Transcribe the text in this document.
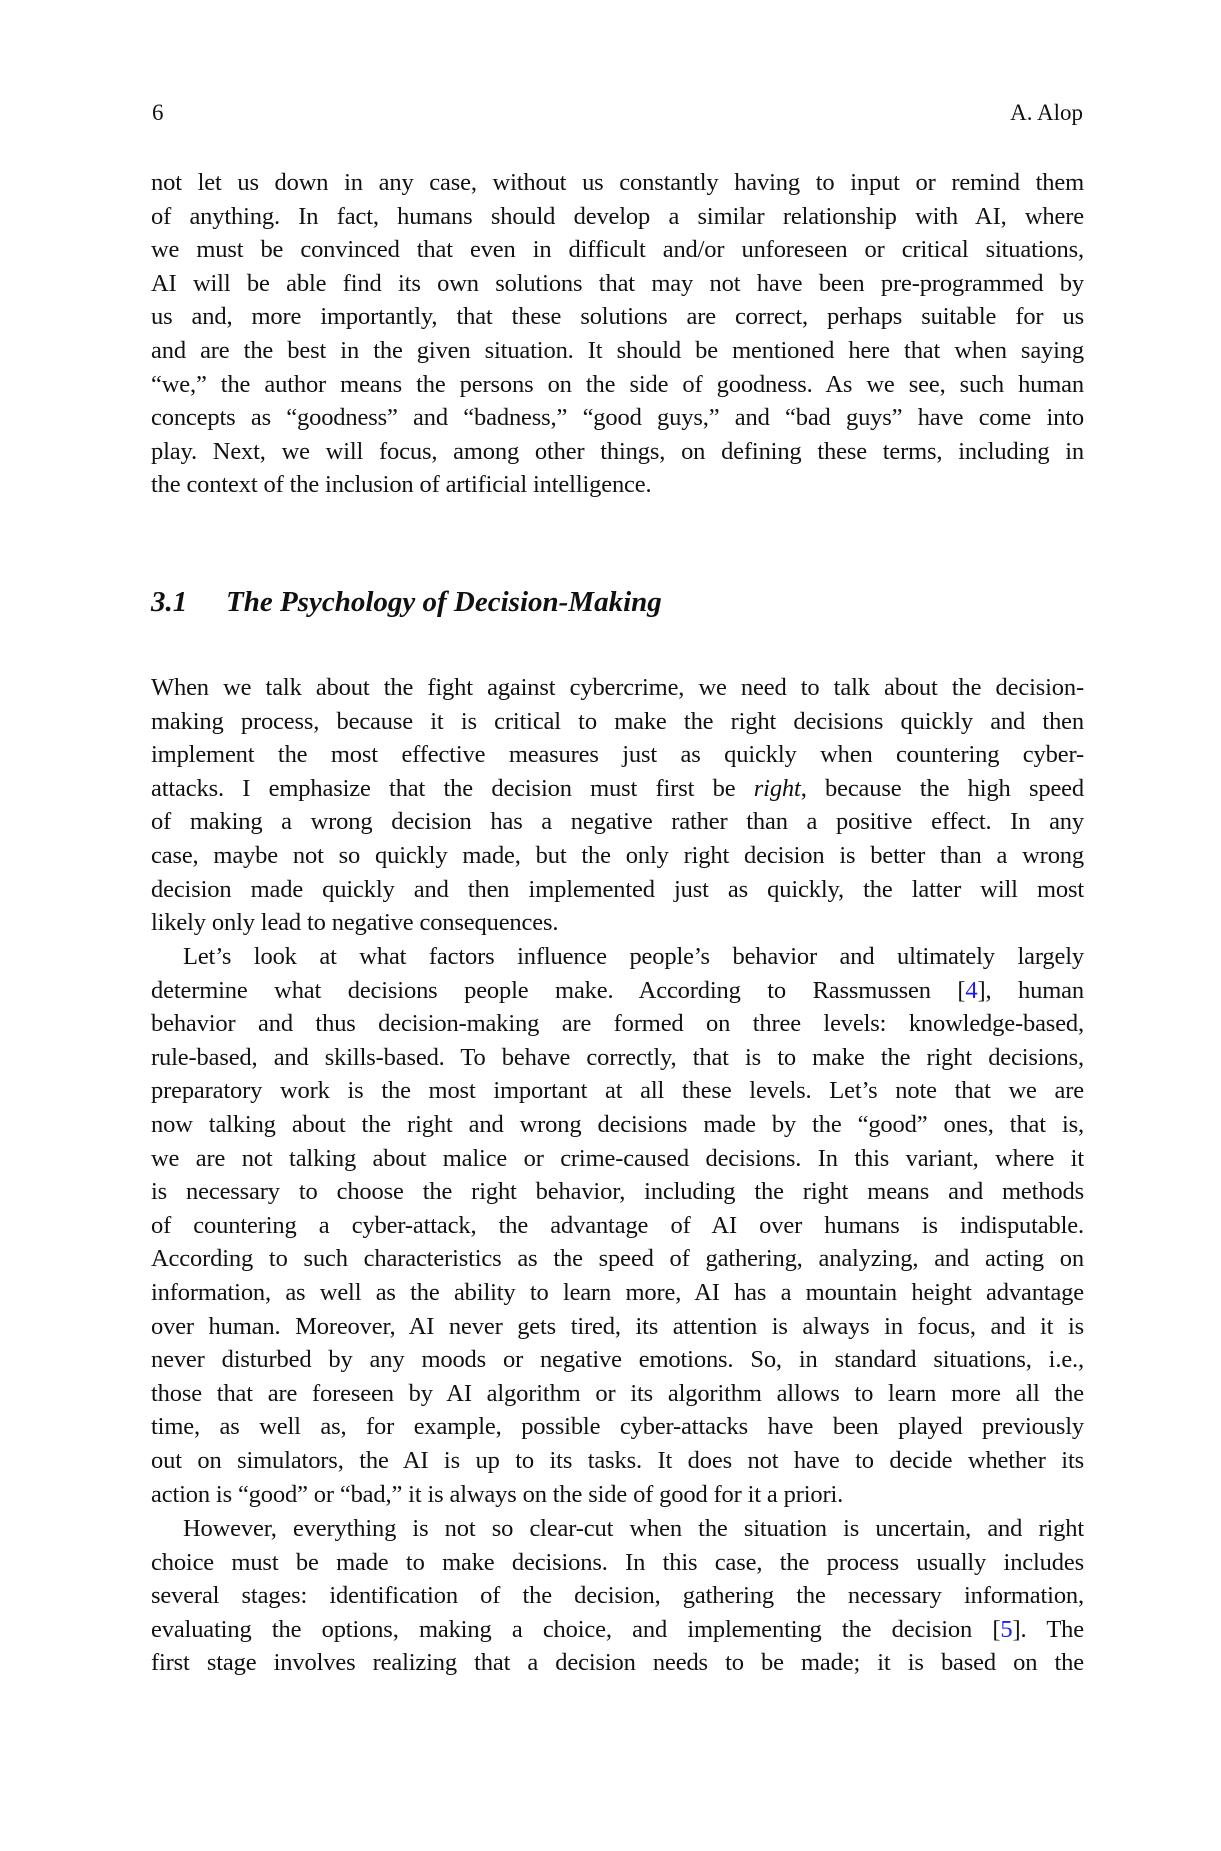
6	A. Alop
not let us down in any case, without us constantly having to input or remind them
of anything. In fact, humans should develop a similar relationship with AI, where
we must be convinced that even in difficult and/or unforeseen or critical situations,
AI will be able find its own solutions that may not have been pre-programmed by
us and, more importantly, that these solutions are correct, perhaps suitable for us
and are the best in the given situation. It should be mentioned here that when saying
“we,” the author means the persons on the side of goodness. As we see, such human
concepts as “goodness” and “badness,” “good guys,” and “bad guys” have come into
play. Next, we will focus, among other things, on defining these terms, including in
the context of the inclusion of artificial intelligence.
3.1 The Psychology of Decision-Making
When we talk about the fight against cybercrime, we need to talk about the decision-
making process, because it is critical to make the right decisions quickly and then
implement the most effective measures just as quickly when countering cyber-
attacks. I emphasize that the decision must first be right, because the high speed
of making a wrong decision has a negative rather than a positive effect. In any
case, maybe not so quickly made, but the only right decision is better than a wrong
decision made quickly and then implemented just as quickly, the latter will most
likely only lead to negative consequences.
Let’s look at what factors influence people’s behavior and ultimately largely
determine what decisions people make. According to Rassmussen [4], human
behavior and thus decision-making are formed on three levels: knowledge-based,
rule-based, and skills-based. To behave correctly, that is to make the right decisions,
preparatory work is the most important at all these levels. Let’s note that we are
now talking about the right and wrong decisions made by the “good” ones, that is,
we are not talking about malice or crime-caused decisions. In this variant, where it
is necessary to choose the right behavior, including the right means and methods
of countering a cyber-attack, the advantage of AI over humans is indisputable.
According to such characteristics as the speed of gathering, analyzing, and acting on
information, as well as the ability to learn more, AI has a mountain height advantage
over human. Moreover, AI never gets tired, its attention is always in focus, and it is
never disturbed by any moods or negative emotions. So, in standard situations, i.e.,
those that are foreseen by AI algorithm or its algorithm allows to learn more all the
time, as well as, for example, possible cyber-attacks have been played previously
out on simulators, the AI is up to its tasks. It does not have to decide whether its
action is “good” or “bad,” it is always on the side of good for it a priori.
However, everything is not so clear-cut when the situation is uncertain, and right
choice must be made to make decisions. In this case, the process usually includes
several stages: identification of the decision, gathering the necessary information,
evaluating the options, making a choice, and implementing the decision [5]. The
first stage involves realizing that a decision needs to be made; it is based on the
